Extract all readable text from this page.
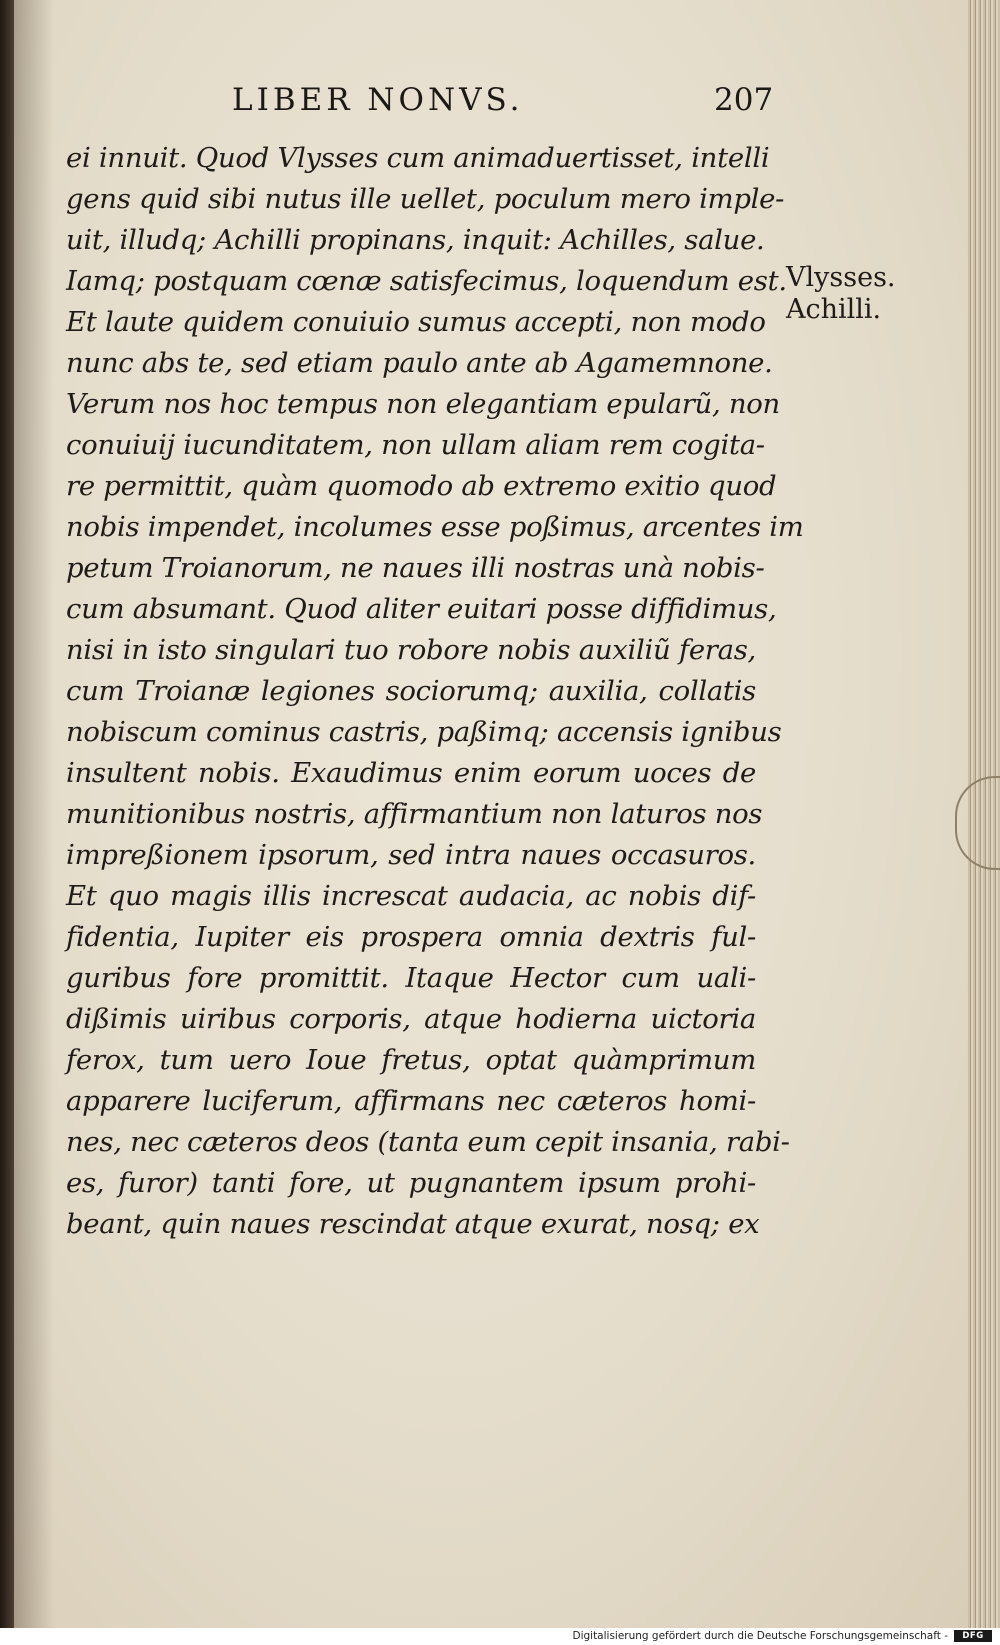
LIBER NONVS.	207
ei innuit. Quod Vlysses cum animaduertisset, intelli
gens quid sibi nutus ille uellet, poculum mero imple-
uit, illudq; Achilli propinans, inquit: Achilles, salue.
Iamq; postquam cœnæ satisfecimus, loquendum est.
Et laute quidem conuiuio sumus accepti, non modo
nunc abs te, sed etiam paulo ante ab Agamemnone.
Verum nos hoc tempus non elegantiam epularũ, non
conuiuij iucunditatem, non ullam aliam rem cogita-
re permittit, quàm quomodo ab extremo exitio quod
nobis impendet, incolumes esse poßimus, arcentes im
petum Troianorum, ne naues illi nostras unà nobis-
cum absumant. Quod aliter euitari posse diffidimus,
nisi in isto singulari tuo robore nobis auxiliũ feras,
cum Troianæ legiones sociorumq; auxilia, collatis
nobiscum cominus castris, paßimq; accensis ignibus
insultent nobis. Exaudimus enim eorum uoces de
munitionibus nostris, affirmantium non laturos nos
impreßionem ipsorum, sed intra naues occasuros.
Et quo magis illis increscat audacia, ac nobis dif-
fidentia, Iupiter eis prospera omnia dextris ful-
guribus fore promittit. Itaque Hector cum uali-
dißimis uiribus corporis, atque hodierna uictoria
ferox, tum uero Ioue fretus, optat quàmprimum
apparere luciferum, affirmans nec cæteros homi-
nes, nec cæteros deos (tanta eum cepit insania, rabi-
es, furor) tanti fore, ut pugnantem ipsum prohi-
beant, quin naues rescindat atque exurat, nosq; ex
Vlysses.
Achilli.
Digitalisierung gefördert durch die Deutsche Forschungsgemeinschaft -	DFG
